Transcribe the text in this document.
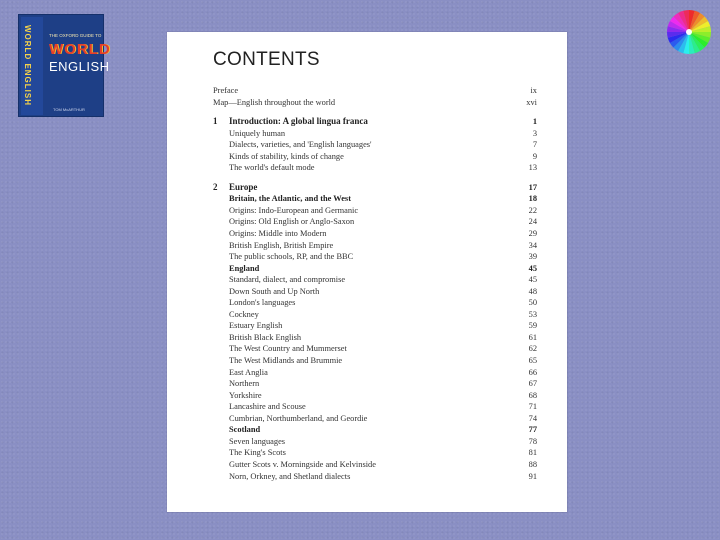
WORLD ENGLISH	THE OXFORD GUIDE TO
WORLD
ENGLISH
TOM McARTHUR
CONTENTS
Preface	ix
Map—English throughout the world	xvi
1 Introduction: A global lingua franca	1
Uniquely human	3
Dialects, varieties, and 'English languages'	7
Kinds of stability, kinds of change	9
The world's default mode	13
2 Europe	17
Britain, the Atlantic, and the West	18
Origins: Indo-European and Germanic	22
Origins: Old English or Anglo-Saxon	24
Origins: Middle into Modern	29
British English, British Empire	34
The public schools, RP, and the BBC	39
England	45
Standard, dialect, and compromise	45
Down South and Up North	48
London's languages	50
Cockney	53
Estuary English	59
British Black English	61
The West Country and Mummerset	62
The West Midlands and Brummie	65
East Anglia	66
Northern	67
Yorkshire	68
Lancashire and Scouse	71
Cumbrian, Northumberland, and Geordie	74
Scotland	77
Seven languages	78
The King's Scots	81
Gutter Scots v. Morningside and Kelvinside	88
Norn, Orkney, and Shetland dialects	91
